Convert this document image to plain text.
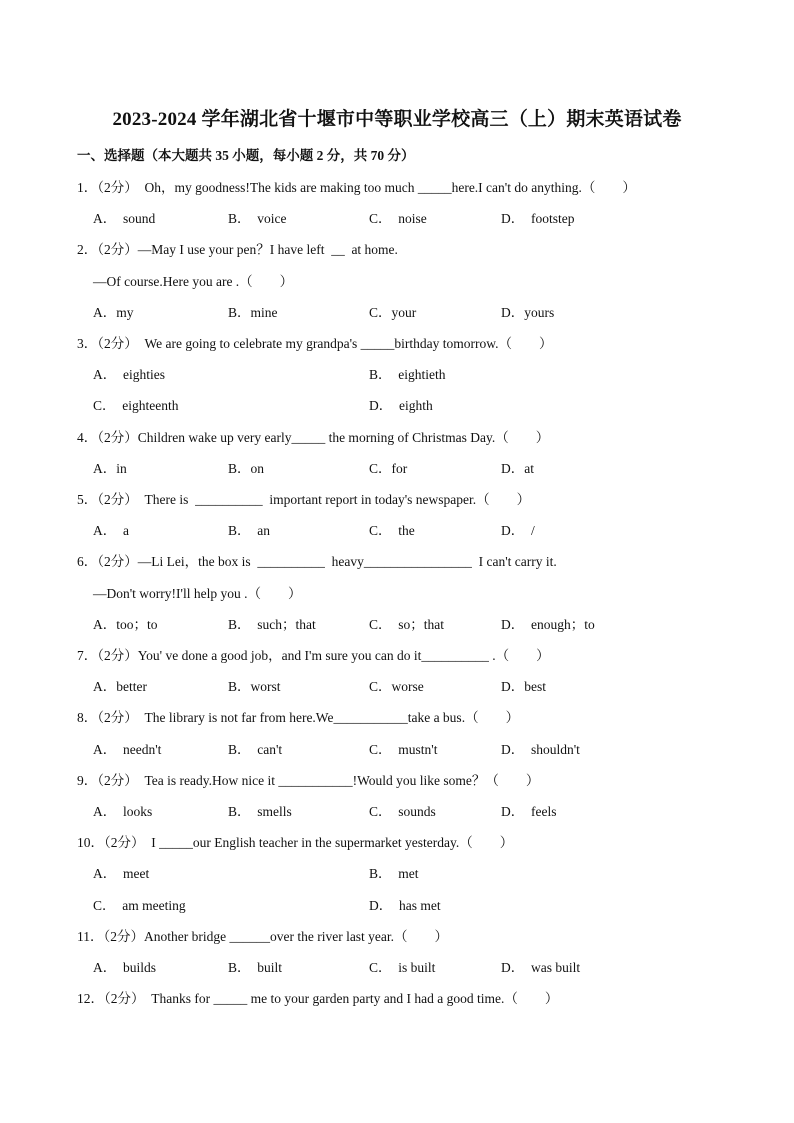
2023-2024 学年湖北省十堰市中等职业学校高三（上）期末英语试卷
一、选择题（本大题共 35 小题，每小题 2 分，共 70 分）
1．（2分）  Oh，my goodness!The kids are making too much _____here.I can't do anything.（        ）
A．  sound	B．  voice	C．  noise	D．  footstep
2．（2分）—May I use your pen？I have left  __  at home.
—Of course.Here you are .（        ）
A．my	B．mine	C．your	D．yours
3．（2分）  We are going to celebrate my grandpa's _____birthday tomorrow.（        ）
A．  eighties	B．  eightieth
C．  eighteenth	D．  eighth
4．（2分）Children wake up very early_____ the morning of Christmas Day.（        ）
A．in	B．on	C．for	D．at
5．（2分）  There is  __________  important report in today's newspaper.（        ）
A．  a	B．  an	C．  the	D．  /
6．（2分）—Li Lei，the box is  __________  heavy________________  I can't carry it.
—Don't worry!I'll help you .（        ）
A．too；to	B．  such；that	C．  so；that	D．  enough；to
7．（2分）You' ve done a good job，and I'm sure you can do it__________ .（        ）
A．better	B．worst	C．worse	D．best
8．（2分）  The library is not far from here.We___________take a bus.（        ）
A．  needn't	B．  can't	C．  mustn't	D．  shouldn't
9．（2分）  Tea is ready.How nice it ___________!Would you like some？（        ）
A．  looks	B．  smells	C．  sounds	D．  feels
10．（2分）  I _____our English teacher in the supermarket yesterday.（        ）
A．  meet	B．  met
C．  am meeting	D．  has met
11．（2分）Another bridge ______over the river last year.（        ）
A．  builds	B．  built	C．  is built	D．  was built
12．（2分）  Thanks for _____ me to your garden party and I had a good time.（        ）
